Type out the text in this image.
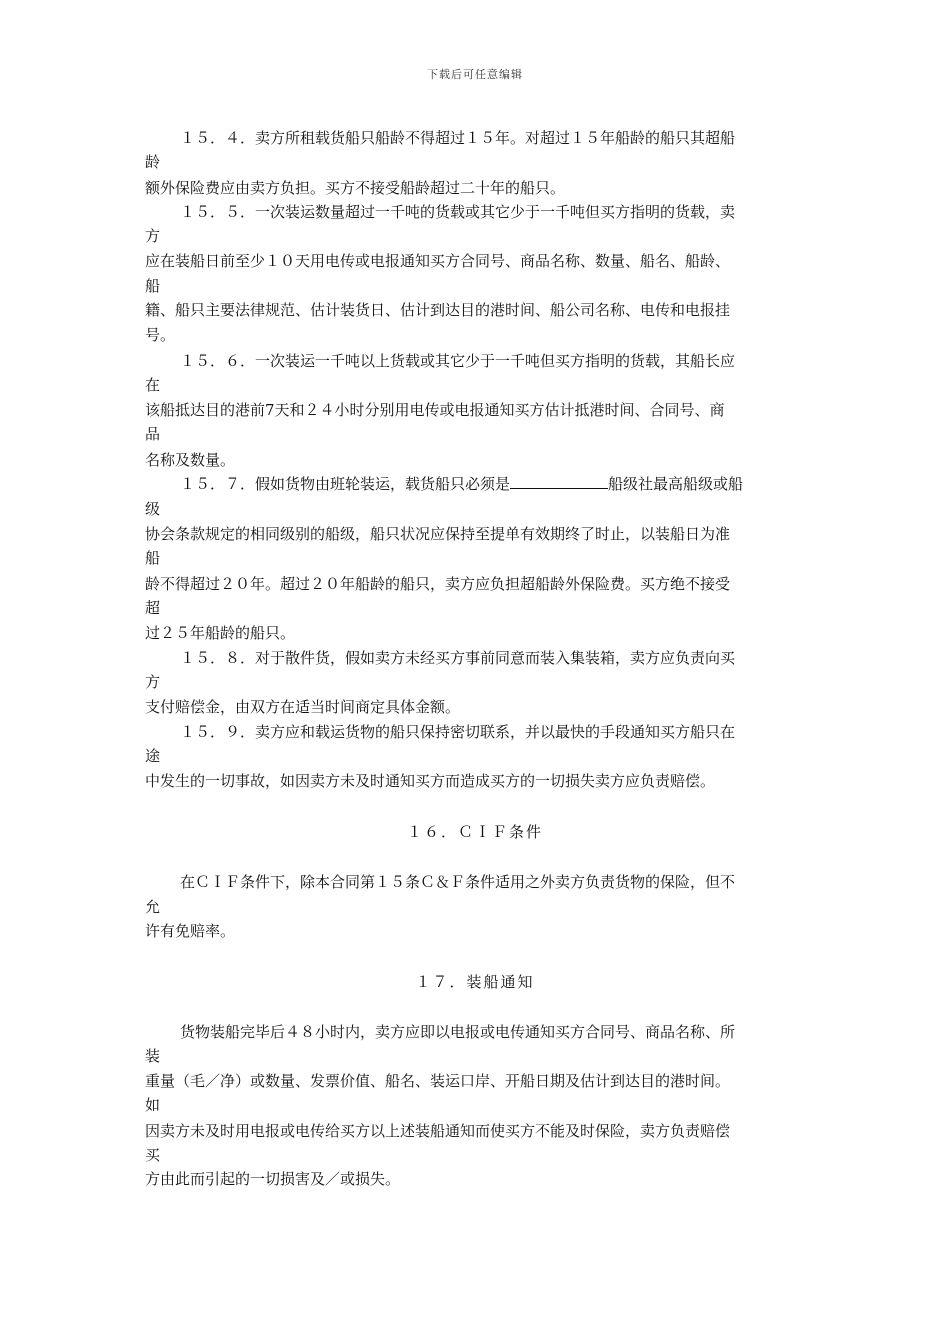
下载后可任意编辑
１５．４．卖方所租载货船只船龄不得超过１５年。对超过１５年船龄的船只其超船
龄
额外保险费应由卖方负担。买方不接受船龄超过二十年的船只。
１５．５．一次装运数量超过一千吨的货载或其它少于一千吨但买方指明的货载，卖
方
应在装船日前至少１０天用电传或电报通知买方合同号、商品名称、数量、船名、船龄、
船
籍、船只主要法律规范、估计装货日、估计到达目的港时间、船公司名称、电传和电报挂
号。
１５．６．一次装运一千吨以上货载或其它少于一千吨但买方指明的货载，其船长应
在
该船抵达目的港前7天和２４小时分别用电传或电报通知买方估计抵港时间、合同号、商
品
名称及数量。
１５．７．假如货物由班轮装运，载货船只必须是	船级社最高船级或船
级
协会条款规定的相同级别的船级，船只状况应保持至提单有效期终了时止，以装船日为准
船
龄不得超过２０年。超过２０年船龄的船只，卖方应负担超船龄外保险费。买方绝不接受
超
过２５年船龄的船只。
１５．８．对于散件货，假如卖方未经买方事前同意而装入集装箱，卖方应负责向买
方
支付赔偿金，由双方在适当时间商定具体金额。
１５．９．卖方应和载运货物的船只保持密切联系，并以最快的手段通知买方船只在
途
中发生的一切事故，如因卖方未及时通知买方而造成买方的一切损失卖方应负责赔偿。
１６．ＣＩＦ条件
在ＣＩＦ条件下，除本合同第１５条Ｃ＆Ｆ条件适用之外卖方负责货物的保险，但不
允
许有免赔率。
１７．装船通知
货物装船完毕后４８小时内，卖方应即以电报或电传通知买方合同号、商品名称、所
装
重量（毛／净）或数量、发票价值、船名、装运口岸、开船日期及估计到达目的港时间。
如
因卖方未及时用电报或电传给买方以上述装船通知而使买方不能及时保险，卖方负责赔偿
买
方由此而引起的一切损害及／或损失。
